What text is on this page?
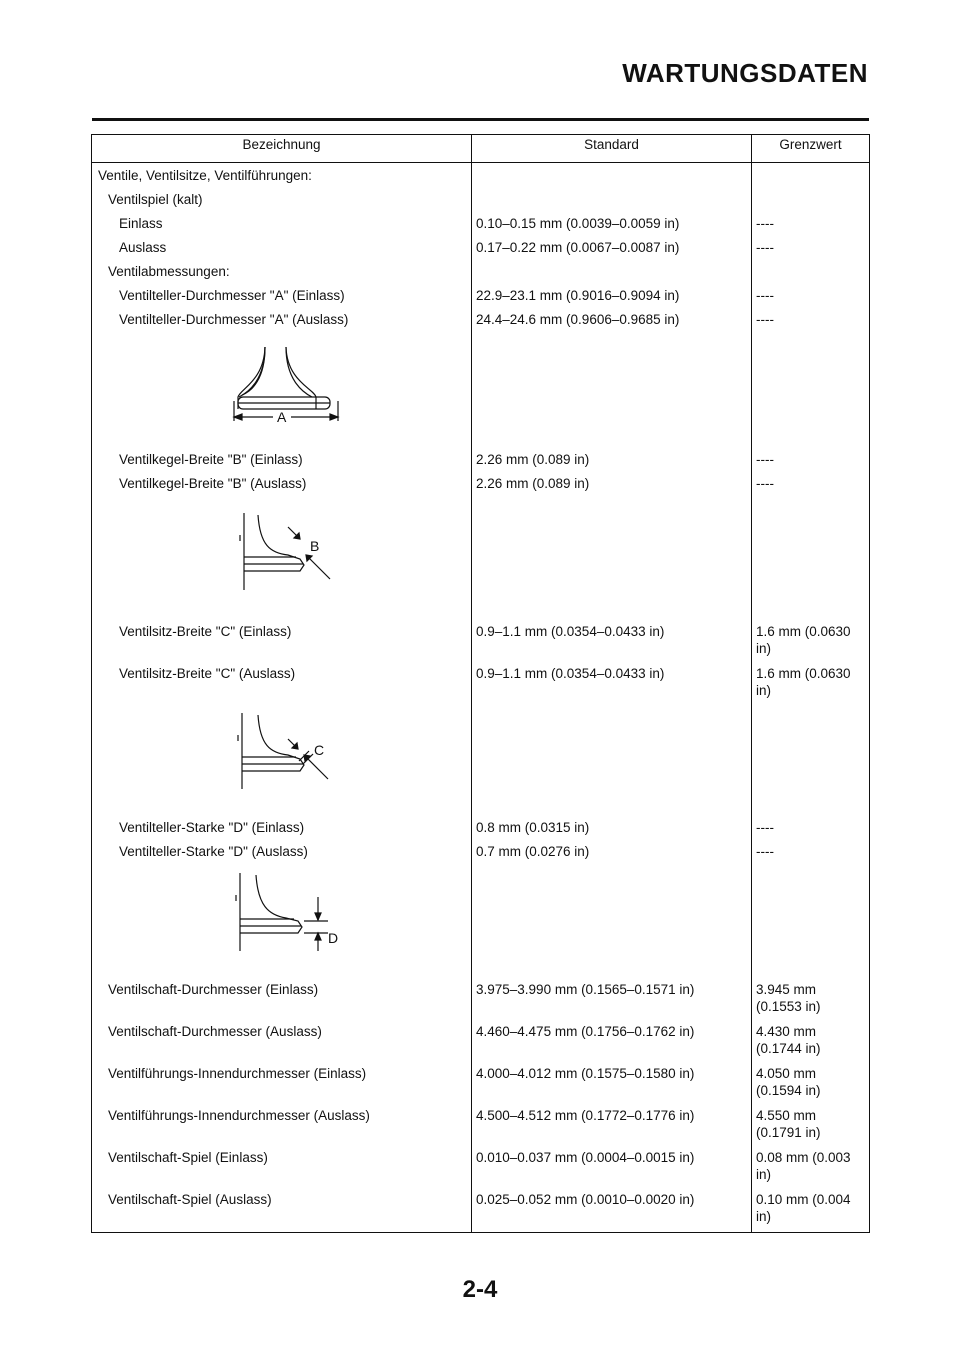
WARTUNGSDATEN
Bezeichnung	Standard	Grenzwert
Ventile, Ventilsitze, Ventilführungen:		
Ventilspiel (kalt)		
Einlass	0.10–0.15 mm (0.0039–0.0059 in)	----
Auslass	0.17–0.22 mm (0.0067–0.0087 in)	----
Ventilabmessungen:		
Ventilteller-Durchmesser "A" (Einlass)	22.9–23.1 mm (0.9016–0.9094 in)	----
Ventilteller-Durchmesser "A" (Auslass)	24.4–24.6 mm (0.9606–0.9685 in)	----

A		

Ventilkegel-Breite "B" (Einlass)	2.26 mm (0.089 in)	----
Ventilkegel-Breite "B" (Auslass)	2.26 mm (0.089 in)	----

B		

Ventilsitz-Breite "C" (Einlass)	0.9–1.1 mm (0.0354–0.0433 in)	1.6 mm (0.0630 in)
Ventilsitz-Breite "C" (Auslass)	0.9–1.1 mm (0.0354–0.0433 in)	1.6 mm (0.0630 in)

C		

Ventilteller-Starke "D" (Einlass)	0.8 mm (0.0315 in)	----
Ventilteller-Starke "D" (Auslass)	0.7 mm (0.0276 in)	----

D		

Ventilschaft-Durchmesser (Einlass)	3.975–3.990 mm (0.1565–0.1571 in)	3.945 mm (0.1553 in)
Ventilschaft-Durchmesser (Auslass)	4.460–4.475 mm (0.1756–0.1762 in)	4.430 mm (0.1744 in)
Ventilführungs-Innendurchmesser (Einlass)	4.000–4.012 mm (0.1575–0.1580 in)	4.050 mm (0.1594 in)
Ventilführungs-Innendurchmesser (Auslass)	4.500–4.512 mm (0.1772–0.1776 in)	4.550 mm (0.1791 in)
Ventilschaft-Spiel (Einlass)	0.010–0.037 mm (0.0004–0.0015 in)	0.08 mm (0.003 in)
Ventilschaft-Spiel (Auslass)	0.025–0.052 mm (0.0010–0.0020 in)	0.10 mm (0.004 in)
2-4
